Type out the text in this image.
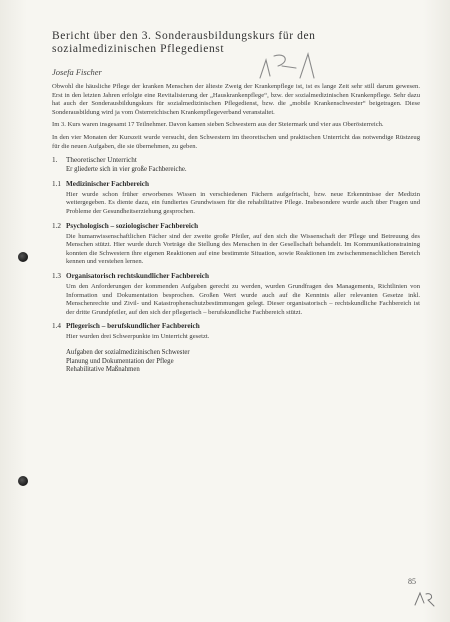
Bericht über den 3. Sonderausbildungskurs für den
sozialmedizinischen Pflegedienst
Josefa Fischer
Obwohl die häusliche Pflege der kranken Menschen der älteste Zweig der Krankenpflege ist, ist es lange Zeit sehr still darum gewesen. Erst in den letzten Jahren erfolgte eine Revitalisierung der „Hauskrankenpflege“, bzw. der sozialmedizinischen Krankenpflege. Sehr dazu hat auch der Sonderausbildungskurs für sozialmedizinischen Pflegedienst, bzw. die „mobile Krankenschwester“ beigetragen. Diese Sonderausbildung wird ja vom Österreichischen Krankenpflegeverband veranstaltet.
Im 3. Kurs waren insgesamt 17 Teilnehmer. Davon kamen sieben Schwestern aus der Steiermark und vier aus Oberösterreich.
In den vier Monaten der Kurszeit wurde versucht, den Schwestern im theoretischen und praktischen Unterricht das notwendige Rüstzeug für die neuen Aufgaben, die sie übernehmen, zu geben.
1.	Theoretischer Unterricht
Er gliederte sich in vier große Fachbereiche.
1.1 Medizinischer Fachbereich
Hier wurde schon früher erworbenes Wissen in verschiedenen Fächern aufgefrischt, bzw. neue Erkenntnisse der Medizin weitergegeben. Es diente dazu, ein fundiertes Grundwissen für die rehabilitative Pflege. Insbesondere wurde auch über Fragen und Probleme der Gesundheitserziehung gesprochen.
1.2 Psychologisch – soziologischer Fachbereich
Die humanwissenschaftlichen Fächer sind der zweite große Pfeiler, auf den sich die Wissenschaft der Pflege und Betreuung des Menschen stützt. Hier wurde durch Vorträge die Stellung des Menschen in der Gesellschaft behandelt. Im Kommunikationstraining konnten die Schwestern ihre eigenen Reaktionen auf eine bestimmte Situation, sowie Reaktionen im zwischenmenschlichen Bereich kennen und verstehen lernen.
1.3 Organisatorisch rechtskundlicher Fachbereich
Um den Anforderungen der kommenden Aufgaben gerecht zu werden, wurden Grundfragen des Managements, Richtlinien von Information und Dokumentation besprochen. Großen Wert wurde auch auf die Kenntnis aller relevanten Gesetze inkl. Menschenrechte und Zivil- und Katastrophenschutzbestimmungen gelegt. Dieser organisatorisch – rechtskundliche Fachbereich ist der dritte Grundpfeiler, auf den sich der pflegerisch – berufskundliche Fachbereich stützt.
1.4 Pflegerisch – berufskundlicher Fachbereich
Hier wurden drei Schwerpunkte im Unterricht gesetzt.
Aufgaben der sozialmedizinischen Schwester
Planung und Dokumentation der Pflege
Rehabilitative Maßnahmen
85
